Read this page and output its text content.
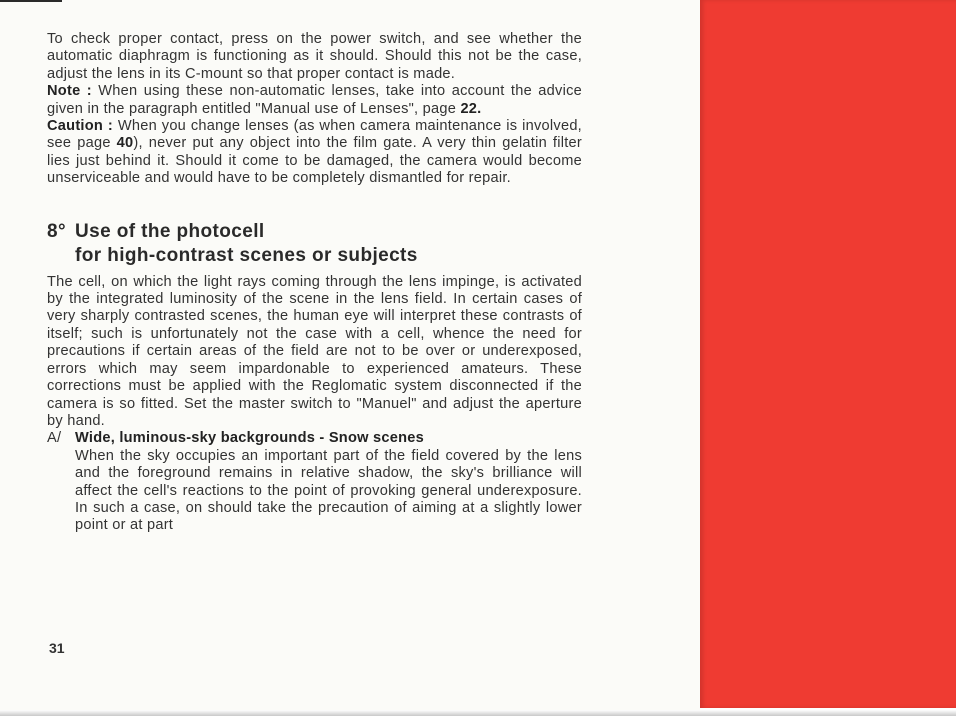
To check proper contact, press on the power switch, and see whether the automatic diaphragm is functioning as it should. Should this not be the case, adjust the lens in its C-mount so that proper contact is made.

Note : When using these non-automatic lenses, take into account the advice given in the paragraph entitled "Manual use of Lenses", page 22.

Caution : When you change lenses (as when camera maintenance is involved, see page 40), never put any object into the film gate. A very thin gelatin filter lies just behind it. Should it come to be damaged, the camera would become unserviceable and would have to be completely dismantled for repair.

8° Use of the photocell
for high-contrast scenes or subjects

The cell, on which the light rays coming through the lens impinge, is activated by the integrated luminosity of the scene in the lens field. In certain cases of very sharply contrasted scenes, the human eye will interpret these contrasts of itself; such is unfortunately not the case with a cell, whence the need for precautions if certain areas of the field are not to be over or underexposed, errors which may seem impardonable to experienced amateurs. These corrections must be applied with the Reglomatic system disconnected if the camera is so fitted. Set the master switch to "Manuel" and adjust the aperture by hand.

A/ Wide, luminous-sky backgrounds - Snow scenes

When the sky occupies an important part of the field covered by the lens and the foreground remains in relative shadow, the sky's brilliance will affect the cell's reactions to the point of provoking general underexposure. In such a case, on should take the precaution of aiming at a slightly lower point or at part

31
